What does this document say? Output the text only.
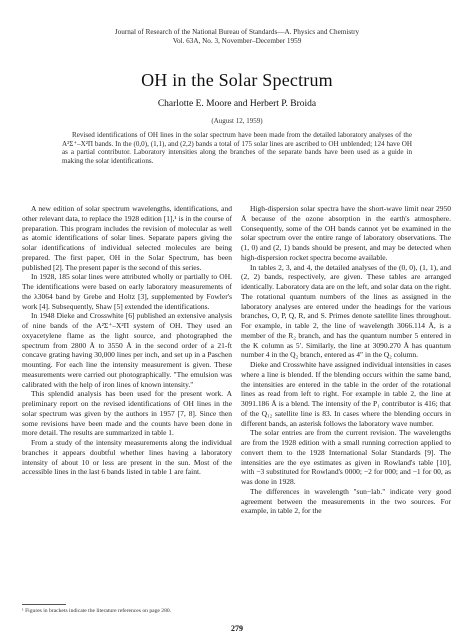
Journal of Research of the National Bureau of Standards—A. Physics and Chemistry
Vol. 63A, No. 3, November–December 1959
OH in the Solar Spectrum
Charlotte E. Moore and Herbert P. Broida
(August 12, 1959)
Revised identifications of OH lines in the solar spectrum have been made from the detailed laboratory analyses of the A²Σ⁺–X²Π bands. In the (0,0), (1,1), and (2,2) bands a total of 175 solar lines are ascribed to OH unblended; 124 have OH as a partial contributor. Laboratory intensities along the branches of the separate bands have been used as a guide in making the solar identifications.

A new edition of solar spectrum wavelengths, identifications, and other relevant data, to replace the 1928 edition [1],¹ is in the course of preparation. This program includes the revision of molecular as well as atomic identifications of solar lines. Separate papers giving the solar identifications of individual selected molecules are being prepared. The first paper, OH in the Solar Spectrum, has been published [2]. The present paper is the second of this series.

In 1928, 185 solar lines were attributed wholly or partially to OH. The identifications were based on early laboratory measurements of the λ3064 band by Grebe and Holtz [3], supplemented by Fowler's work [4]. Subsequently, Shaw [5] extended the identifications.

In 1948 Dieke and Crosswhite [6] published an extensive analysis of nine bands of the A²Σ⁺–X²Π system of OH. They used an oxyacetylene flame as the light source, and photographed the spectrum from 2800 Å to 3550 Å in the second order of a 21-ft concave grating having 30,000 lines per inch, and set up in a Paschen mounting. For each line the intensity measurement is given. These measurements were carried out photographically. "The emulsion was calibrated with the help of iron lines of known intensity."

This splendid analysis has been used for the present work. A preliminary report on the revised identifications of OH lines in the solar spectrum was given by the authors in 1957 [7, 8]. Since then some revisions have been made and the counts have been done in more detail. The results are summarized in table 1.

From a study of the intensity measurements along the individual branches it appears doubtful whether lines having a laboratory intensity of about 10 or less are present in the sun. Most of the accessible lines in the last 6 bands listed in table 1 are faint.

High-dispersion solar spectra have the short-wave limit near 2950 Å because of the ozone absorption in the earth's atmosphere. Consequently, some of the OH bands cannot yet be examined in the solar spectrum over the entire range of laboratory observations. The (1, 0) and (2, 1) bands should be present, and may be detected when high-dispersion rocket spectra become available.

In tables 2, 3, and 4, the detailed analyses of the (0, 0), (1, 1), and (2, 2) bands, respectively, are given. These tables are arranged identically. Laboratory data are on the left, and solar data on the right. The rotational quantum numbers of the lines as assigned in the laboratory analyses are entered under the headings for the various branches, O, P, Q, R, and S. Primes denote satellite lines throughout. For example, in table 2, the line of wavelength 3066.114 Å, is a member of the R₂ branch, and has the quantum number 5 entered in the K column as 5′. Similarly, the line at 3090.270 Å has quantum number 4 in the Q₂ branch, entered as 4″ in the Q₂ column.

Dieke and Crosswhite have assigned individual intensities in cases where a line is blended. If the blending occurs within the same band, the intensities are entered in the table in the order of the rotational lines as read from left to right. For example in table 2, the line at 3091.186 Å is a blend. The intensity of the P₁ contributor is 416; that of the Q₁₂ satellite line is 83. In cases where the blending occurs in different bands, an asterisk follows the laboratory wave number.

The solar entries are from the current revision. The wavelengths are from the 1928 edition with a small running correction applied to convert them to the 1928 International Solar Standards [9]. The intensities are the eye estimates as given in Rowland's table [10], with −3 substituted for Rowland's 0000; −2 for 000; and −1 for 00, as was done in 1928.

The differences in wavelength "sun−lab." indicate very good agreement between the measurements in the two sources. For example, in table 2, for the

¹ Figures in brackets indicate the literature references on page 280.
279
